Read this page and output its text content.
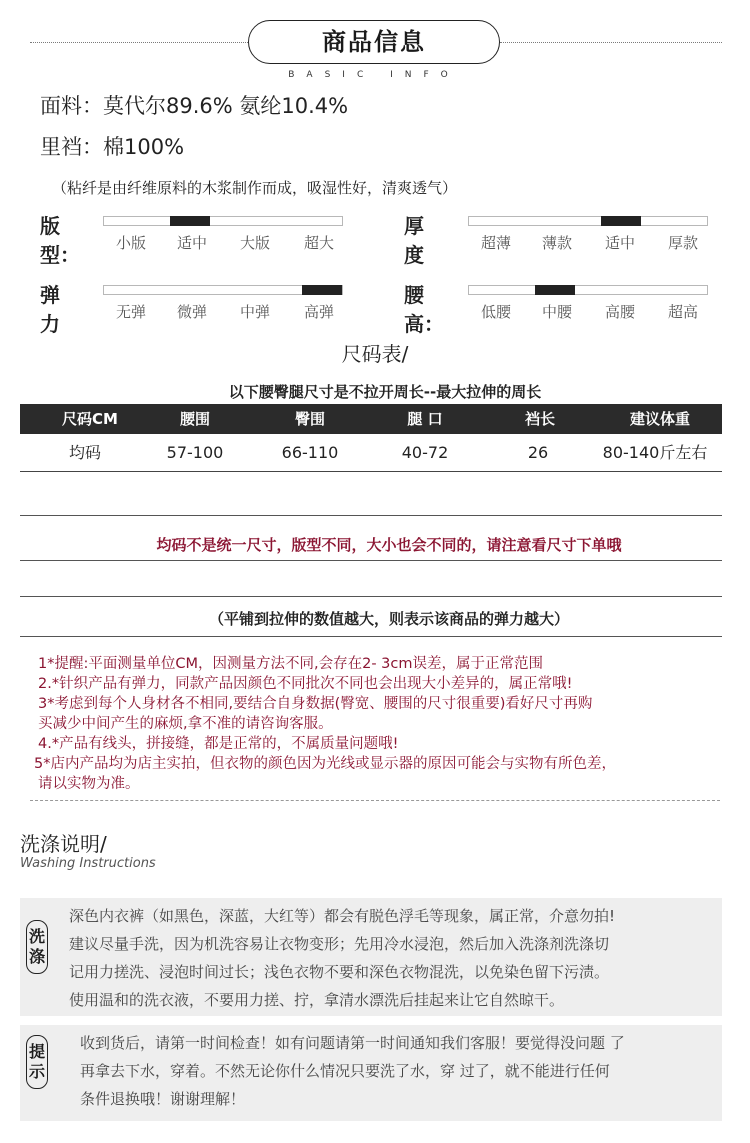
商品信息
BASIC INFO
面料：莫代尔89.6% 氨纶10.4%
里裆：棉100%
（粘纤是由纤维原料的木浆制作而成，吸湿性好，清爽透气）
版型：	小版	适中	大版	超大
厚度	超薄	薄款	适中	厚款
弹力	无弹	微弹	中弹	高弹
腰高：	低腰	中腰	高腰	超高
尺码表/
以下腰臀腿尺寸是不拉开周长--最大拉伸的周长
尺码CM	腰围	臀围	腿 口	裆长	建议体重
均码	57-100	66-110	40-72	26	80-140斤左右
均码不是统一尺寸，版型不同，大小也会不同的，请注意看尺寸下单哦
（平铺到拉伸的数值越大，则表示该商品的弹力越大）
1*提醒:平面测量单位CM，因测量方法不同,会存在2- 3cm误差，属于正常范围
2.*针织产品有弹力，同款产品因颜色不同批次不同也会出现大小差异的，属正常哦!
3*考虑到每个人身材各不相同,要结合自身数据(臀宽、腰围的尺寸很重要)看好尺寸再购
买减少中间产生的麻烦,拿不准的请咨询客服。
4.*产品有线头，拼接缝，都是正常的，不属质量问题哦!
5*店内产品均为店主实拍，但衣物的颜色因为光线或显示器的原因可能会与实物有所色差，
请以实物为准。
洗涤说明/
Washing Instructions
洗
涤
深色内衣裤（如黑色，深蓝，大红等）都会有脱色浮毛等现象，属正常，介意勿拍!
建议尽量手洗，因为机洗容易让衣物变形；先用冷水浸泡，然后加入洗涤剂洗涤切
记用力搓洗、浸泡时间过长；浅色衣物不要和深色衣物混洗，以免染色留下污渍。
使用温和的洗衣液，不要用力搓、拧，拿清水漂洗后挂起来让它自然晾干。
提
示
收到货后，请第一时间检查！如有问题请第一时间通知我们客服！要觉得没问题 了
再拿去下水，穿着。不然无论你什么情况只要洗了水，穿 过了，就不能进行任何
条件退换哦！谢谢理解！
